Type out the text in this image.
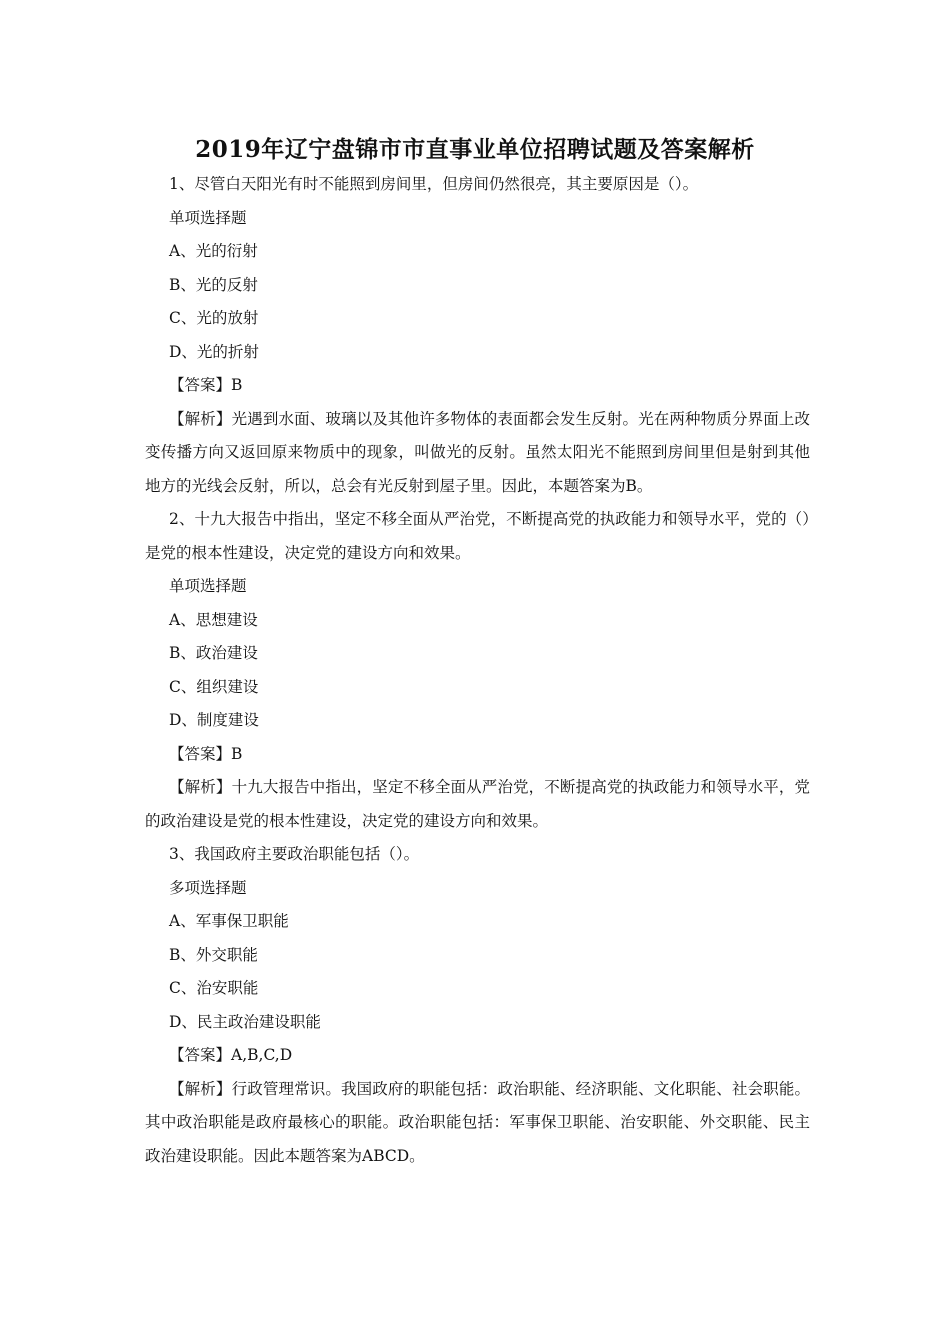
2019年辽宁盘锦市市直事业单位招聘试题及答案解析

1、尽管白天阳光有时不能照到房间里，但房间仍然很亮，其主要原因是（）。

单项选择题

A、光的衍射

B、光的反射

C、光的放射

D、光的折射

【答案】B

【解析】光遇到水面、玻璃以及其他许多物体的表面都会发生反射。光在两种物质分界面上改变传播方向又返回原来物质中的现象，叫做光的反射。虽然太阳光不能照到房间里但是射到其他地方的光线会反射，所以，总会有光反射到屋子里。因此，本题答案为B。

2、十九大报告中指出，坚定不移全面从严治党，不断提高党的执政能力和领导水平，党的（）是党的根本性建设，决定党的建设方向和效果。

单项选择题

A、思想建设

B、政治建设

C、组织建设

D、制度建设

【答案】B

【解析】十九大报告中指出，坚定不移全面从严治党，不断提高党的执政能力和领导水平，党的政治建设是党的根本性建设，决定党的建设方向和效果。

3、我国政府主要政治职能包括（）。

多项选择题

A、军事保卫职能

B、外交职能

C、治安职能

D、民主政治建设职能

【答案】A,B,C,D

【解析】行政管理常识。我国政府的职能包括：政治职能、经济职能、文化职能、社会职能。其中政治职能是政府最核心的职能。政治职能包括：军事保卫职能、治安职能、外交职能、民主政治建设职能。因此本题答案为ABCD。
